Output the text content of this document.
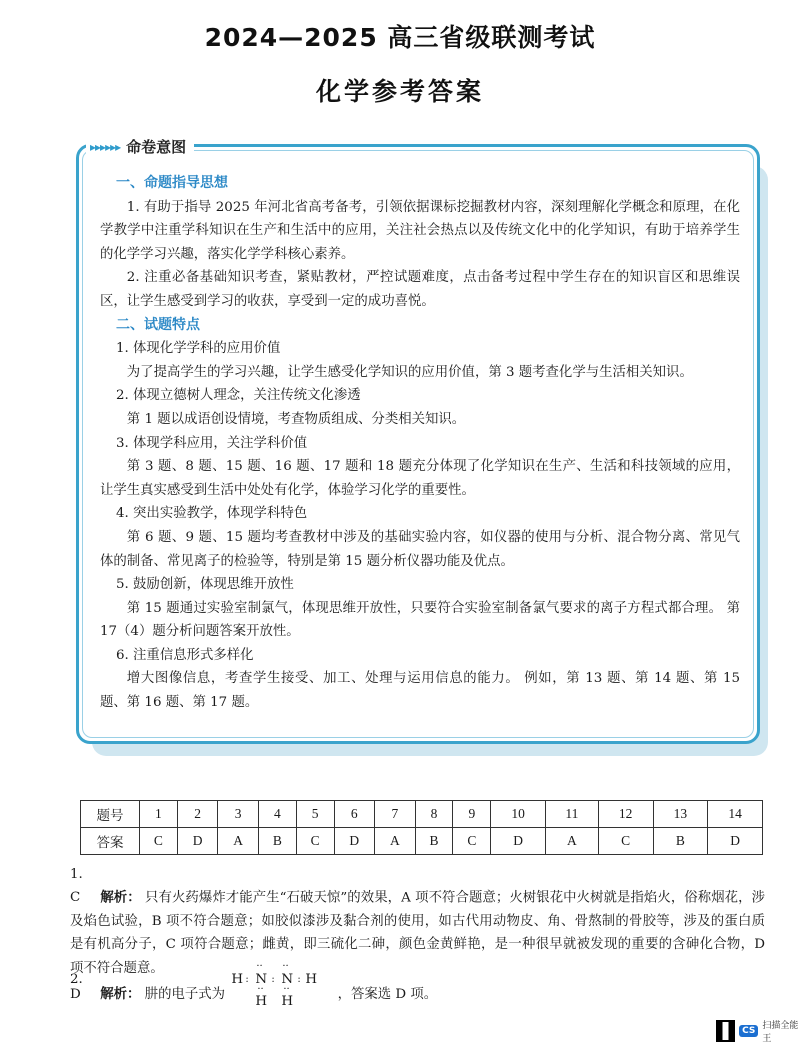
2024—2025 高三省级联测考试
化学参考答案
▸▸▸▸▸▸ 命卷意图
一、命题指导思想

1. 有助于指导 2025 年河北省高考备考，引领依据课标挖掘教材内容，深刻理解化学概念和原理，在化学教学中注重学科知识在生产和生活中的应用，关注社会热点以及传统文化中的化学知识，有助于培养学生的化学学习兴趣，落实化学学科核心素养。

2. 注重必备基础知识考查，紧贴教材，严控试题难度，点击备考过程中学生存在的知识盲区和思维误区，让学生感受到学习的收获，享受到一定的成功喜悦。

二、试题特点

1. 体现化学学科的应用价值

为了提高学生的学习兴趣，让学生感受化学知识的应用价值，第 3 题考查化学与生活相关知识。

2. 体现立德树人理念，关注传统文化渗透

第 1 题以成语创设情境，考查物质组成、分类相关知识。

3. 体现学科应用，关注学科价值

第 3 题、8 题、15 题、16 题、17 题和 18 题充分体现了化学知识在生产、生活和科技领域的应用，让学生真实感受到生活中处处有化学，体验学习化学的重要性。

4. 突出实验教学，体现学科特色

第 6 题、9 题、15 题均考查教材中涉及的基础实验内容，如仪器的使用与分析、混合物分离、常见气体的制备、常见离子的检验等，特别是第 15 题分析仪器功能及优点。

5. 鼓励创新，体现思维开放性

第 15 题通过实验室制氯气，体现思维开放性，只要符合实验室制备氯气要求的离子方程式都合理。 第 17（4）题分析问题答案开放性。

6. 注重信息形式多样化

增大图像信息，考查学生接受、加工、处理与运用信息的能力。 例如，第 13 题、第 14 题、第 15 题、第 16 题、第 17 题。

题号	1	2	3	4	5	6	7	8	9	10	11	12	13	14
答案	C	D	A	B	C	D	A	B	C	D	A	C	B	D
1. C 解析： 只有火药爆炸才能产生“石破天惊”的效果，A 项不符合题意；火树银花中火树就是指焰火，俗称烟花，涉及焰色试验，B 项不符合题意；如胶似漆涉及黏合剂的使用，如古代用动物皮、角、骨熬制的骨胶等，涉及的蛋白质是有机高分子，C 项符合题意；雌黄，即三硫化二砷，颜色金黄鲜艳，是一种很早就被发现的重要的含砷化合物，D 项不符合题意。
2. D 解析： 肼的电子式为
H : N
··
··
: N
··
··
: H
H H	，答案选 D 项。
CS 扫描全能王
